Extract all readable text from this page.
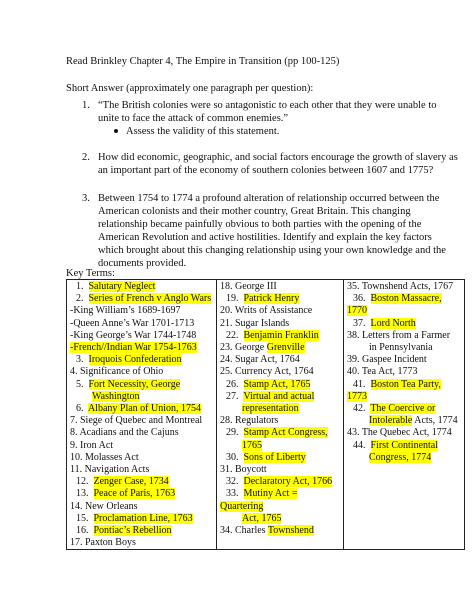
Read Brinkley Chapter 4, The Empire in Transition (pp 100-125)
Short Answer (approximately one paragraph per question):
1. “The British colonies were so antagonistic to each other that they were unable to unite to face the attack of common enemies.”
Assess the validity of this statement.
2. How did economic, geographic, and social factors encourage the growth of slavery as an important part of the economy of southern colonies between 1607 and 1775?
3. Between 1754 to 1774 a profound alteration of relationship occurred between the American colonists and their mother country, Great Britain. This changing relationship became painfully obvious to both parties with the opening of the American Revolution and active hostilities. Identify and explain the key factors which brought about this changing relationship using your own knowledge and the documents provided.
Key Terms:
1.  Salutary Neglect
2.  Series of French v Anglo Wars
-King William’s 1689-1697
-Queen Anne’s War 1701-1713
-King George’s War 1744-1748
-French//Indian War 1754-1763
3.  Iroquois Confederation
4. Significance of Ohio
5.  Fort Necessity, George
Washington
6.  Albany Plan of Union, 1754
7. Siege of Quebec and Montreal
8. Acadians and the Cajuns
9. Iron Act
10. Molasses Act
11. Navigation Acts
12.  Zenger Case, 1734
13.  Peace of Paris, 1763
14. New Orleans
15.  Proclamation Line, 1763
16.  Pontiac’s Rebellion
17. Paxton Boys

18. George III
19.  Patrick Henry
20. Writs of Assistance
21. Sugar Islands
22.  Benjamin Franklin
23. George Grenville
24. Sugar Act, 1764
25. Currency Act, 1764
26.  Stamp Act, 1765
27.  Virtual and actual
representation
28. Regulators
29.  Stamp Act Congress,
1765
30.  Sons of Liberty
31. Boycott
32.  Declaratory Act, 1766
33.  Mutiny Act = Quartering
Act, 1765
34. Charles Townshend

35. Townshend Acts, 1767
36.  Boston Massacre, 1770
37.  Lord North
38. Letters from a Farmer
in Pennsylvania
39. Gaspee Incident
40. Tea Act, 1773
41.  Boston Tea Party, 1773
42.  The Coercive or
Intolerable Acts, 1774
43. The Quebec Act, 1774
44.  First Continental
Congress, 1774
